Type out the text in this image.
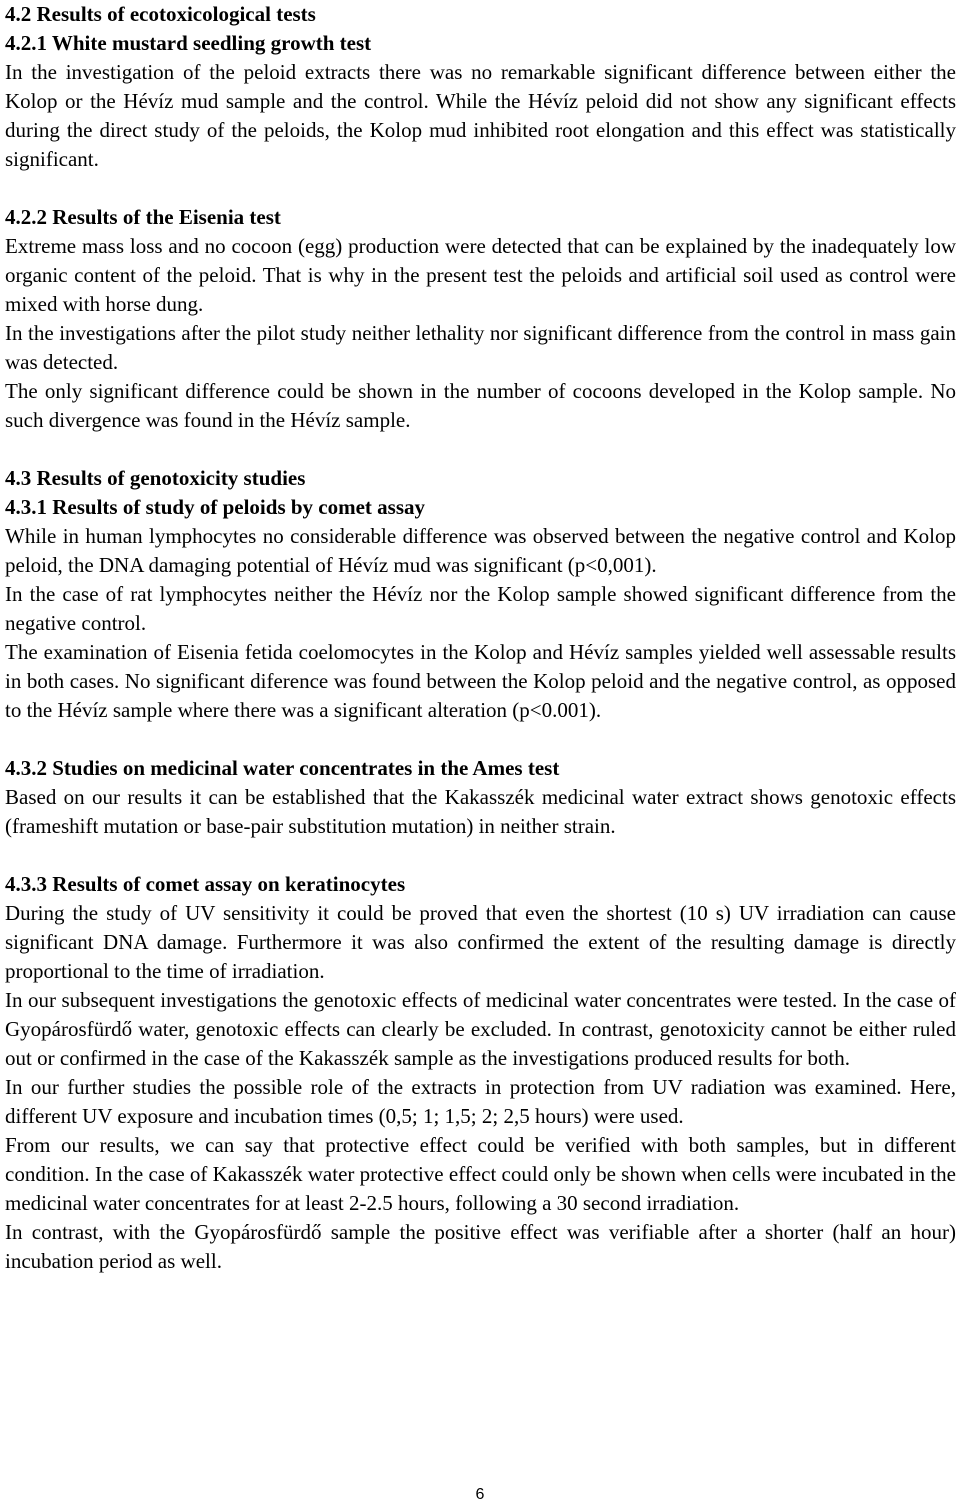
4.2 Results of ecotoxicological tests
4.2.1 White mustard seedling growth test

In the investigation of the peloid extracts there was no remarkable significant difference between either the Kolop or the Hévíz mud sample and the control. While the Hévíz peloid did not show any significant effects during the direct study of the peloids, the Kolop mud inhibited root elongation and this effect was statistically significant.

4.2.2 Results of the Eisenia test

Extreme mass loss and no cocoon (egg) production were detected that can be explained by the inadequately low organic content of the peloid. That is why in the present test the peloids and artificial soil used as control were mixed with horse dung.

In the investigations after the pilot study neither lethality nor significant difference from the control in mass gain was detected.

The only significant difference could be shown in the number of cocoons developed in the Kolop sample. No such divergence was found in the Hévíz sample.

4.3 Results of genotoxicity studies
4.3.1 Results of study of peloids by comet assay

While in human lymphocytes no considerable difference was observed between the negative control and Kolop peloid, the DNA damaging potential of Hévíz mud was significant (p<0,001).

In the case of rat lymphocytes neither the Hévíz nor the Kolop sample showed significant difference from the negative control.

The examination of Eisenia fetida coelomocytes in the Kolop and Hévíz samples yielded well assessable results in both cases. No significant diference was found between the Kolop peloid and the negative control, as opposed to the Hévíz sample where there was a significant alteration (p<0.001).

4.3.2 Studies on medicinal water concentrates in the Ames test

Based on our results it can be established that the Kakasszék medicinal water extract shows genotoxic effects (frameshift mutation or base-pair substitution mutation) in neither strain.

4.3.3 Results of comet assay on keratinocytes

During the study of UV sensitivity it could be proved that even the shortest (10 s) UV irradiation can cause significant DNA damage. Furthermore it was also confirmed the extent of the resulting damage is directly proportional to the time of irradiation.

In our subsequent investigations the genotoxic effects of medicinal water concentrates were tested. In the case of Gyopárosfürdő water, genotoxic effects can clearly be excluded. In contrast, genotoxicity cannot be either ruled out or confirmed in the case of the Kakasszék sample as the investigations produced results for both.

In our further studies the possible role of the extracts in protection from UV radiation was examined. Here, different UV exposure and incubation times (0,5; 1; 1,5; 2; 2,5 hours) were used.

From our results, we can say that protective effect could be verified with both samples, but in different condition. In the case of Kakasszék water protective effect could only be shown when cells were incubated in the medicinal water concentrates for at least 2-2.5 hours, following a 30 second irradiation.

In contrast, with the Gyopárosfürdő sample the positive effect was verifiable after a shorter (half an hour) incubation period as well.

6
